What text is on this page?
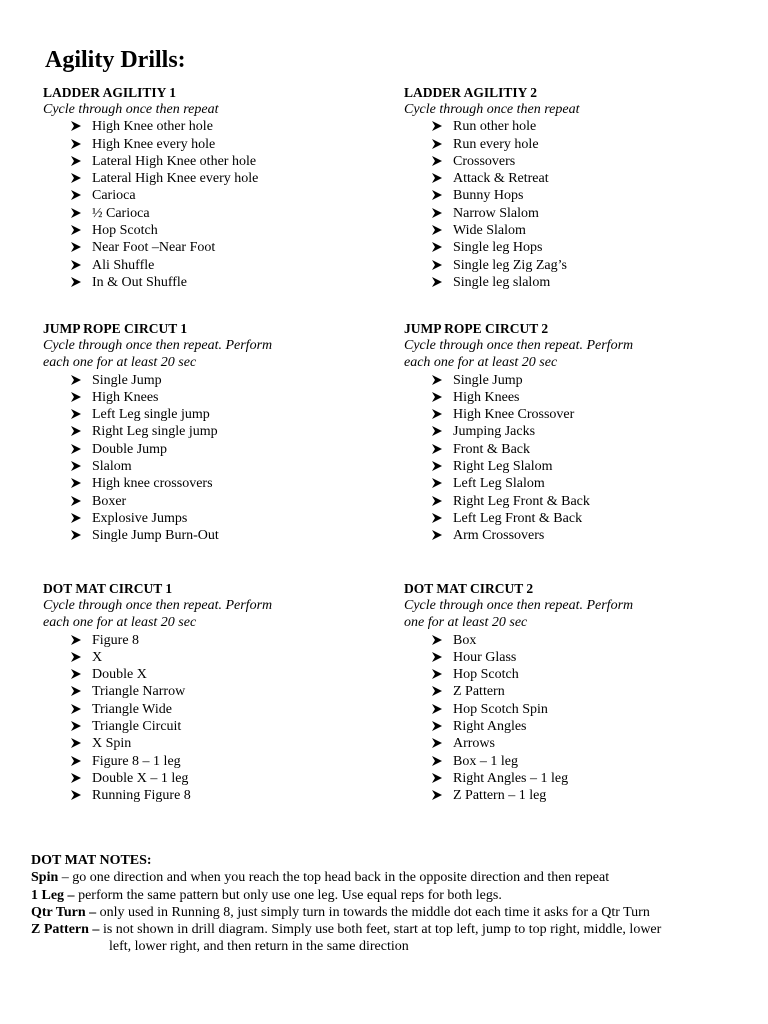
Agility Drills:
LADDER AGILITIY 1
Cycle through once then repeat
High Knee other hole
High Knee every hole
Lateral High Knee other hole
Lateral High Knee every hole
Carioca
½ Carioca
Hop Scotch
Near Foot –Near Foot
Ali Shuffle
In & Out Shuffle
LADDER AGILITIY 2
Cycle through once then repeat
Run other hole
Run every hole
Crossovers
Attack & Retreat
Bunny Hops
Narrow Slalom
Wide Slalom
Single leg Hops
Single leg Zig Zag’s
Single leg slalom
JUMP ROPE CIRCUT 1
Cycle through once then repeat. Perform
each one for at least 20 sec
Single Jump
High Knees
Left Leg single jump
Right Leg single jump
Double Jump
Slalom
High knee crossovers
Boxer
Explosive Jumps
Single Jump Burn-Out
JUMP ROPE CIRCUT 2
Cycle through once then repeat. Perform
each one for at least 20 sec
Single Jump
High Knees
High Knee Crossover
Jumping Jacks
Front & Back
Right Leg Slalom
Left Leg Slalom
Right Leg Front & Back
Left Leg Front & Back
Arm Crossovers
DOT MAT CIRCUT 1
Cycle through once then repeat. Perform
each one for at least 20 sec
Figure 8
X
Double X
Triangle Narrow
Triangle Wide
Triangle Circuit
X Spin
Figure 8 – 1 leg
Double X – 1 leg
Running Figure 8
DOT MAT CIRCUT 2
Cycle through once then repeat. Perform
one for at least 20 sec
Box
Hour Glass
Hop Scotch
Z Pattern
Hop Scotch Spin
Right Angles
Arrows
Box – 1 leg
Right Angles – 1 leg
Z Pattern – 1 leg
DOT MAT NOTES:

Spin – go one direction and when you reach the top head back in the opposite direction and then repeat

1 Leg – perform the same pattern but only use one leg. Use equal reps for both legs.

Qtr Turn – only used in Running 8, just simply turn in towards the middle dot each time it asks for a Qtr Turn

Z Pattern – is not shown in drill diagram. Simply use both feet, start at top left, jump to top right, middle, lower

left, lower right, and then return in the same direction
